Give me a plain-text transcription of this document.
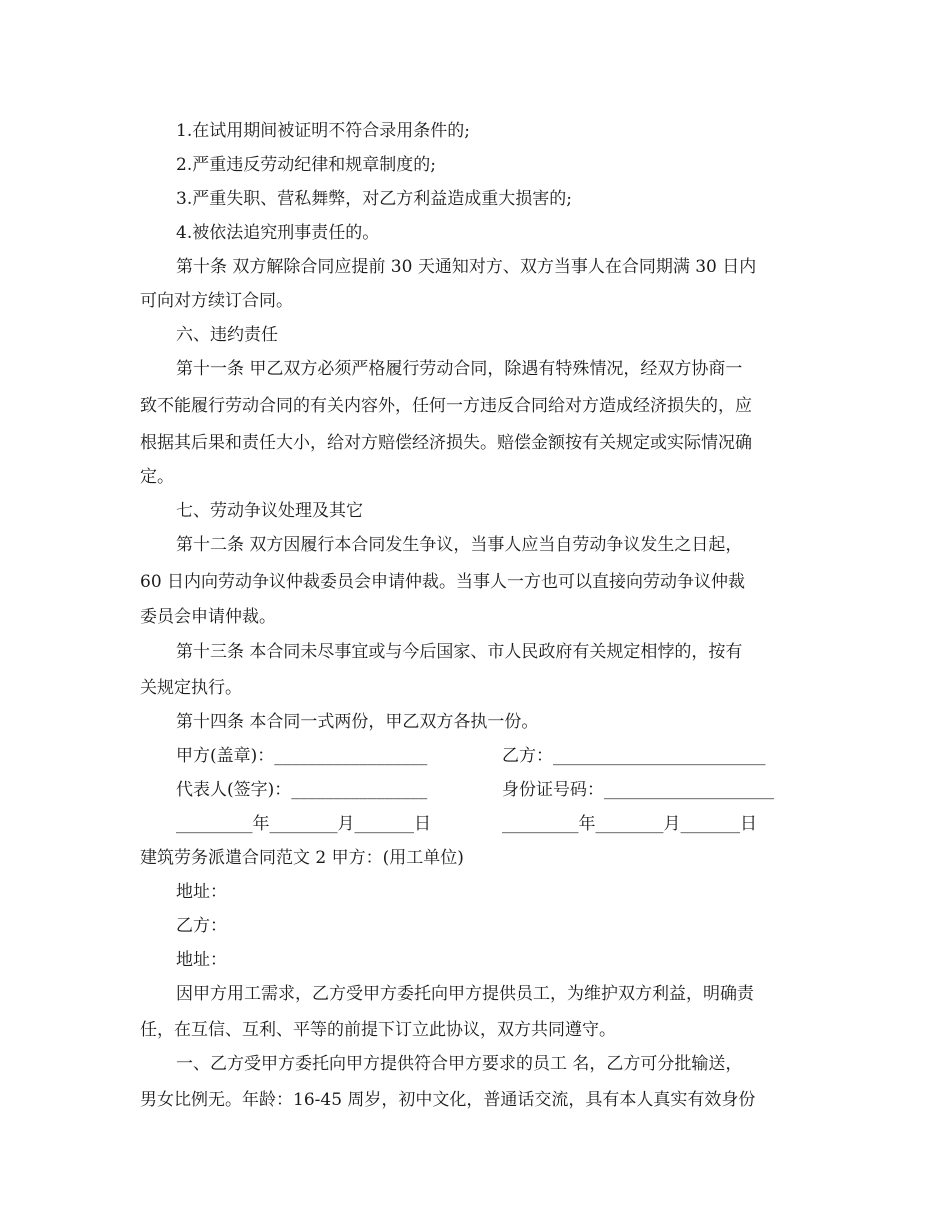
1.在试用期间被证明不符合录用条件的;
2.严重违反劳动纪律和规章制度的;
3.严重失职、营私舞弊，对乙方利益造成重大损害的;
4.被依法追究刑事责任的。
第十条 双方解除合同应提前 30 天通知对方、双方当事人在合同期满 30 日内
可向对方续订合同。
六、违约责任
第十一条 甲乙双方必须严格履行劳动合同，除遇有特殊情况，经双方协商一
致不能履行劳动合同的有关内容外，任何一方违反合同给对方造成经济损失的，应
根据其后果和责任大小，给对方赔偿经济损失。赔偿金额按有关规定或实际情况确
定。
七、劳动争议处理及其它
第十二条 双方因履行本合同发生争议，当事人应当自劳动争议发生之日起，
60 日内向劳动争议仲裁委员会申请仲裁。当事人一方也可以直接向劳动争议仲裁
委员会申请仲裁。
第十三条 本合同未尽事宜或与今后国家、市人民政府有关规定相悖的，按有
关规定执行。
第十四条 本合同一式两份，甲乙双方各执一份。
甲方(盖章)：__________________	乙方：_________________________
代表人(签字)：________________	身份证号码：____________________
_________年________月_______日	_________年________月_______日
建筑劳务派遣合同范文 2 甲方：(用工单位)
地址：
乙方：
地址：
因甲方用工需求，乙方受甲方委托向甲方提供员工，为维护双方利益，明确责
任，在互信、互利、平等的前提下订立此协议，双方共同遵守。
一、乙方受甲方委托向甲方提供符合甲方要求的员工 名，乙方可分批输送，
男女比例无。年龄：16-45 周岁，初中文化，普通话交流，具有本人真实有效身份
